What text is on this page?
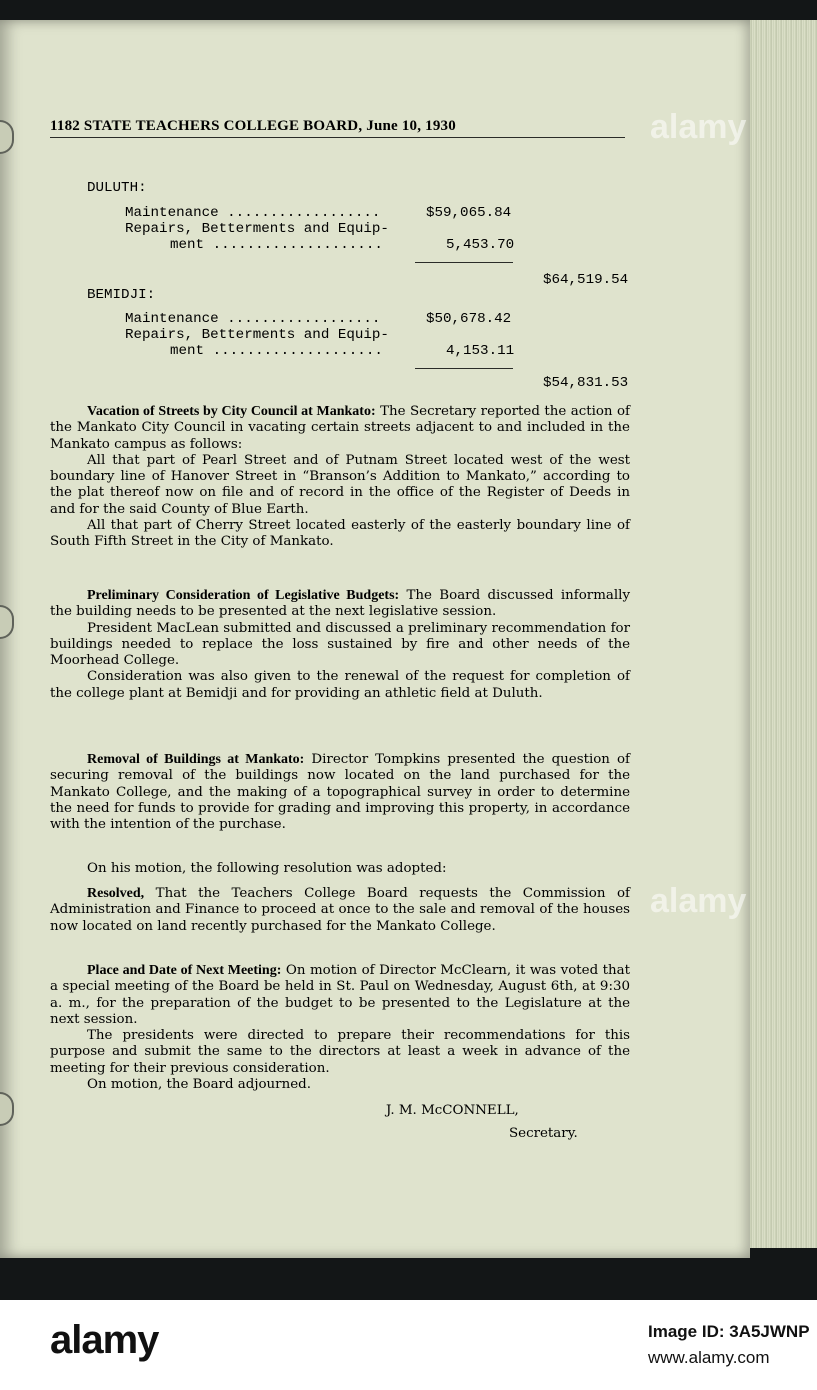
1182 STATE TEACHERS COLLEGE BOARD, June 10, 1930
DULUTH:
Maintenance ..................	$59,065.84
Repairs, Betterments and Equip-
ment ....................	5,453.70
$64,519.54
BEMIDJI:
Maintenance ..................	$50,678.42
Repairs, Betterments and Equip-
ment ....................	4,153.11
$54,831.53

Vacation of Streets by City Council at Mankato: The Secretary reported the action of the Mankato City Council in vacating certain streets adjacent to and included in the Mankato campus as follows:

All that part of Pearl Street and of Putnam Street located west of the west boundary line of Hanover Street in “Branson’s Addition to Mankato,” according to the plat thereof now on file and of record in the office of the Register of Deeds in and for the said County of Blue Earth.

All that part of Cherry Street located easterly of the easterly boundary line of South Fifth Street in the City of Mankato.

Preliminary Consideration of Legislative Budgets: The Board discussed informally the building needs to be presented at the next legislative session.

President MacLean submitted and discussed a preliminary recommendation for buildings needed to replace the loss sustained by fire and other needs of the Moorhead College.

Consideration was also given to the renewal of the request for completion of the college plant at Bemidji and for providing an athletic field at Duluth.

Removal of Buildings at Mankato: Director Tompkins presented the question of securing removal of the buildings now located on the land purchased for the Mankato College, and the making of a topographical survey in order to determine the need for funds to provide for grading and improving this property, in accordance with the intention of the purchase.

On his motion, the following resolution was adopted:

Resolved, That the Teachers College Board requests the Commission of Administration and Finance to proceed at once to the sale and removal of the houses now located on land recently purchased for the Mankato College.

Place and Date of Next Meeting: On motion of Director McClearn, it was voted that a special meeting of the Board be held in St. Paul on Wednesday, August 6th, at 9:30 a. m., for the preparation of the budget to be presented to the Legislature at the next session.

The presidents were directed to prepare their recommendations for this purpose and submit the same to the directors at least a week in advance of the meeting for their previous consideration.

On motion, the Board adjourned.

J. M. McCONNELL,
Secretary.
alamy
alamy
alamy	Image ID: 3A5JWNP
www.alamy.com
